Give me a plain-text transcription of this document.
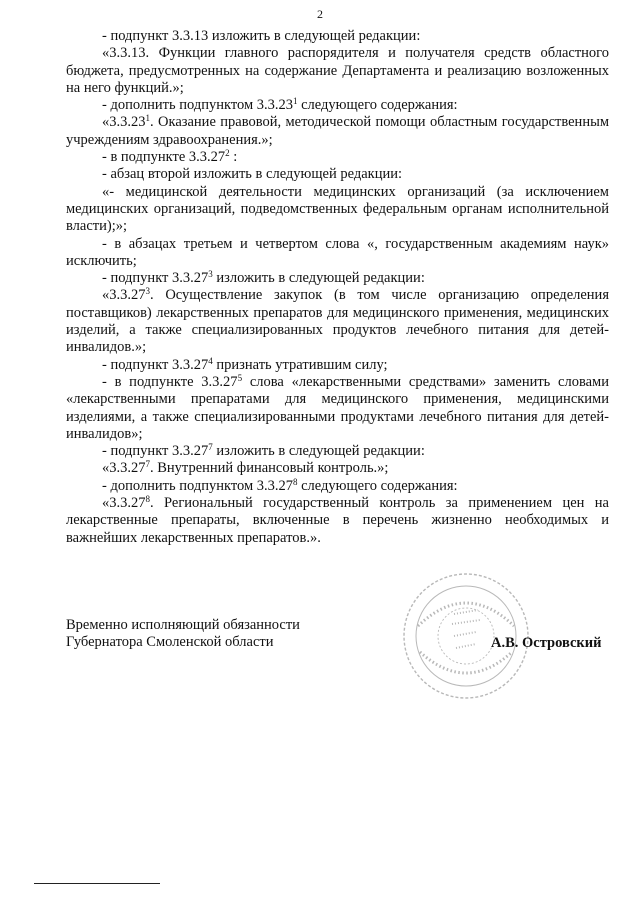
2

- подпункт 3.3.13 изложить в следующей редакции:

«3.3.13. Функции главного распорядителя и получателя средств областного бюджета, предусмотренных на содержание Департамента и реализацию возложенных на него функций.»;

- дополнить подпунктом 3.3.23$^1$ следующего содержания:

«3.3.23$^1$. Оказание правовой, методической помощи областным государственным учреждениям здравоохранения.»;

- в подпункте 3.3.27$^2$ :

- абзац второй изложить в следующей редакции:

«- медицинской деятельности медицинских организаций (за исключением медицинских организаций, подведомственных федеральным органам исполнительной власти);»;

- в абзацах третьем и четвертом слова «, государственным академиям наук» исключить;

- подпункт 3.3.27$^3$ изложить в следующей редакции:

«3.3.27$^3$. Осуществление закупок (в том числе организацию определения поставщиков) лекарственных препаратов для медицинского применения, медицинских изделий, а также специализированных продуктов лечебного питания для детей-инвалидов.»;

- подпункт 3.3.27$^4$ признать утратившим силу;

- в подпункте 3.3.27$^5$ слова «лекарственными средствами» заменить словами «лекарственными препаратами для медицинского применения, медицинскими изделиями, а также специализированными продуктами лечебного питания для детей-инвалидов»;

- подпункт 3.3.27$^7$ изложить в следующей редакции:

«3.3.27$^7$. Внутренний финансовый контроль.»;

- дополнить подпунктом 3.3.27$^8$ следующего содержания:

«3.3.27$^8$. Региональный государственный контроль за применением цен на лекарственные препараты, включенные в перечень жизненно необходимых и важнейших лекарственных препаратов.».

Временно исполняющий обязанности

Губернатора Смоленской области	А.В. Островский
